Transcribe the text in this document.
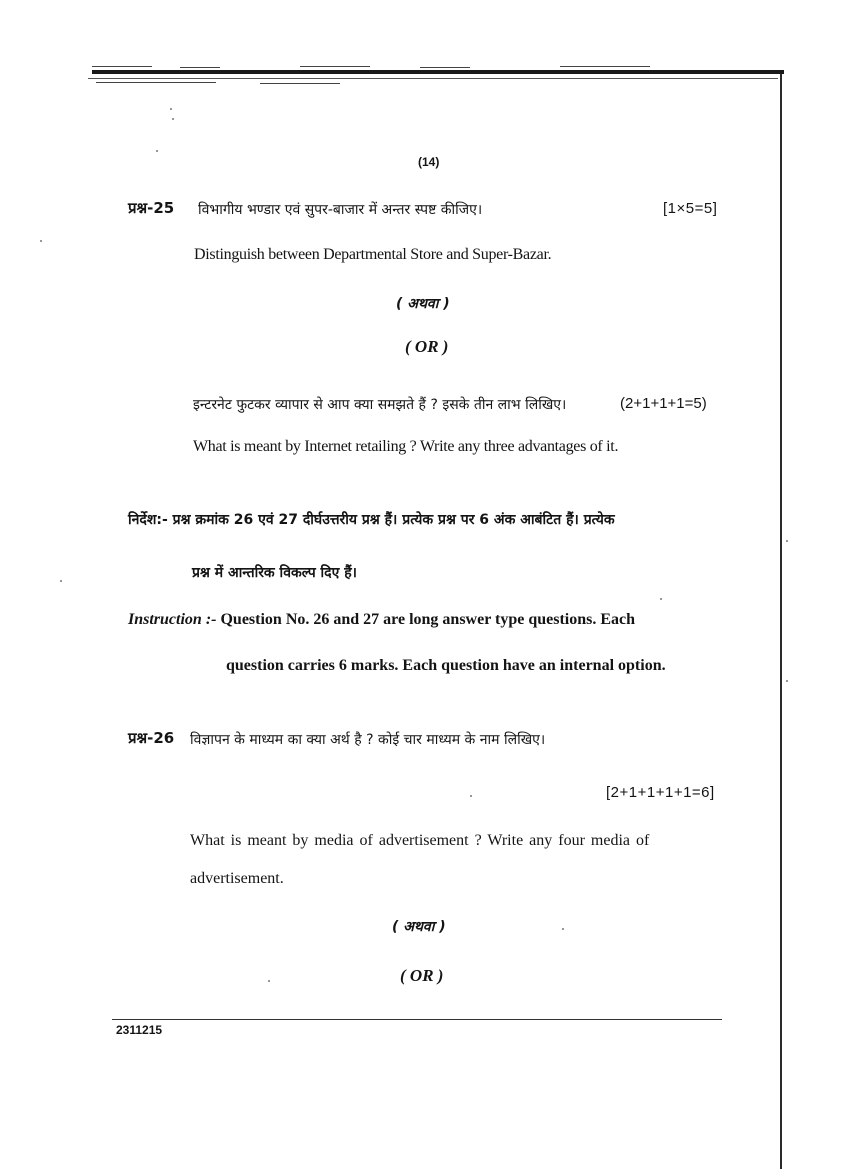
(14)
प्रश्न-25 विभागीय भण्डार एवं सुपर-बाजार में अन्तर स्पष्ट कीजिए।	[1×5=5]
Distinguish between Departmental Store and Super-Bazar.
( अथवा )
( OR )
इन्टरनेट फुटकर व्यापार से आप क्या समझते हैं ? इसके तीन लाभ लिखिए।	(2+1+1+1=5)
What is meant by Internet retailing ? Write any three advantages of it.
निर्देश:- प्रश्न क्रमांक 26 एवं 27 दीर्घउत्तरीय प्रश्न हैं। प्रत्येक प्रश्न पर 6 अंक आबंटित हैं। प्रत्येक
प्रश्न में आन्तरिक विकल्प दिए हैं।
Instruction :- Question No. 26 and 27 are long answer type questions. Each
question carries 6 marks. Each question have an internal option.
प्रश्न-26 विज्ञापन के माध्यम का क्या अर्थ है ? कोई चार माध्यम के नाम लिखिए।
[2+1+1+1+1=6]
What is meant by media of advertisement ? Write any four media of
advertisement.
( अथवा )
( OR )
2311215
